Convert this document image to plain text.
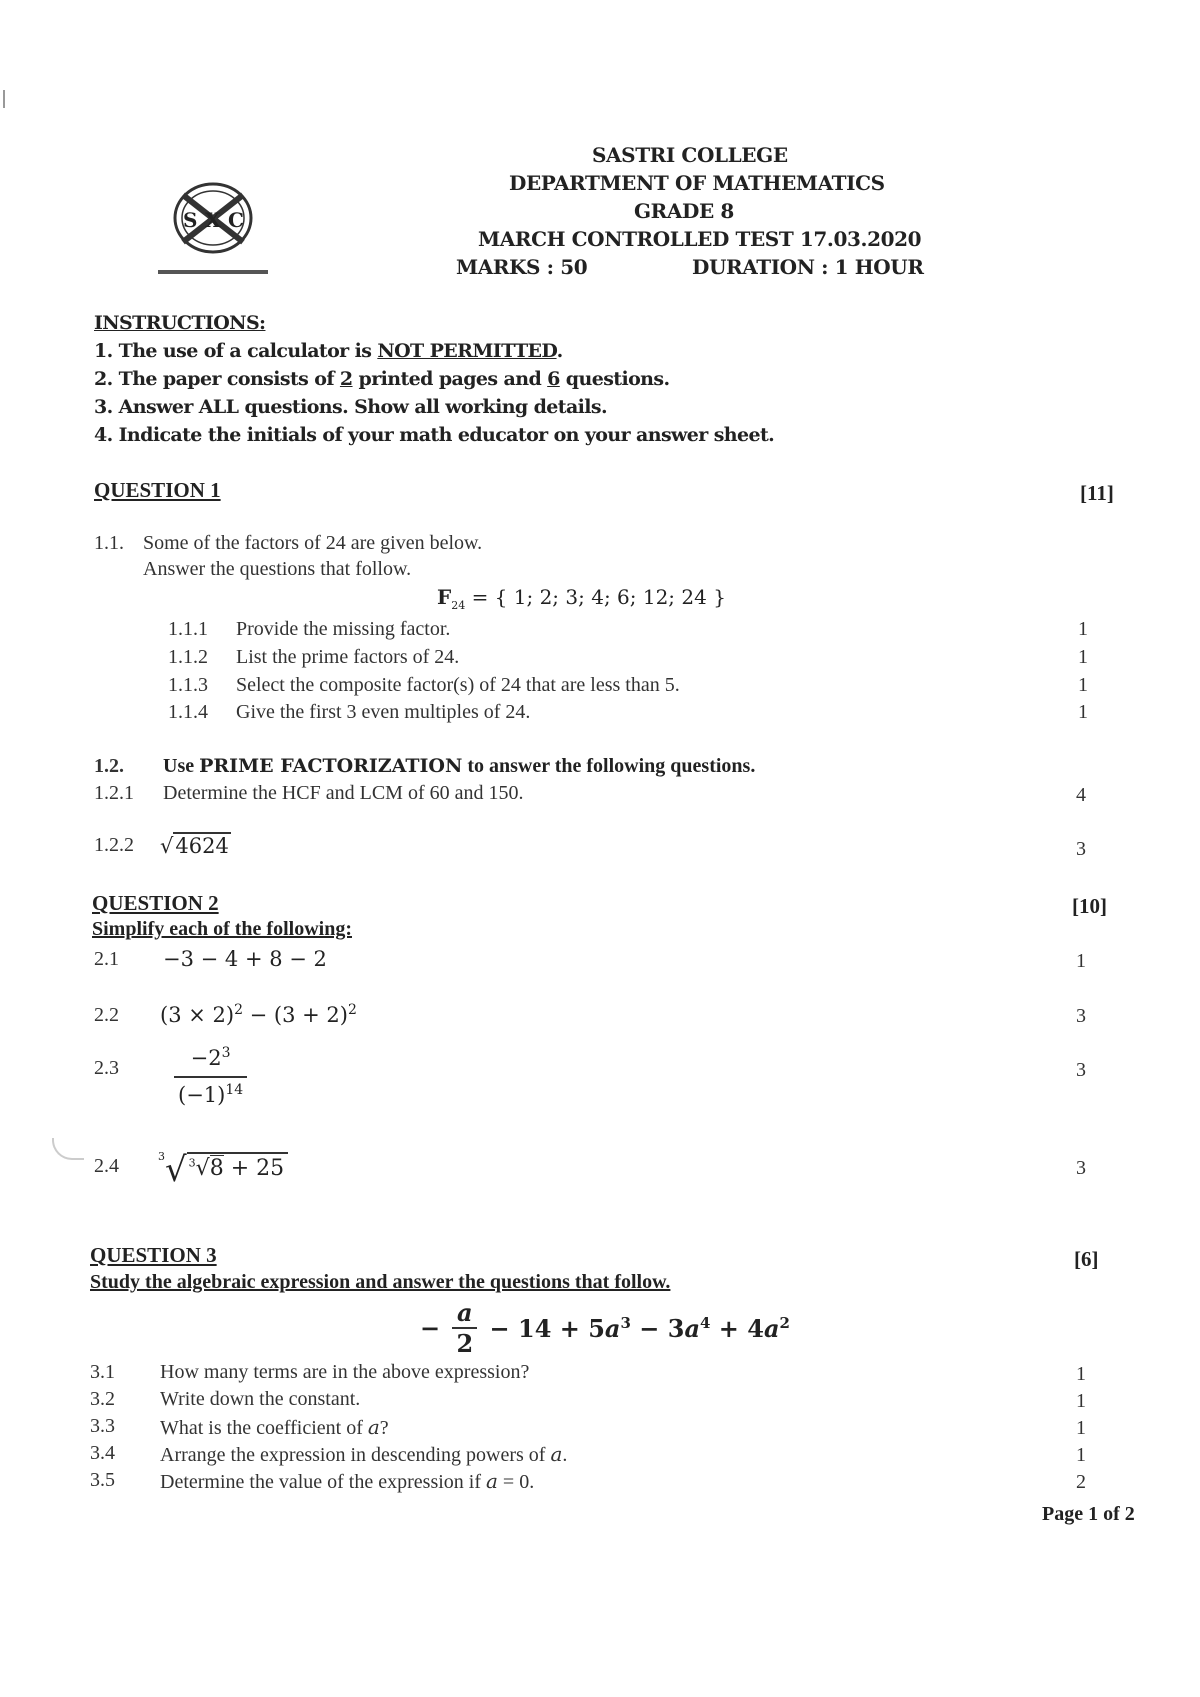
S X C
SASTRI COLLEGE
DEPARTMENT OF MATHEMATICS
GRADE 8
MARCH CONTROLLED TEST 17.03.2020
MARKS : 50	DURATION : 1 HOUR
INSTRUCTIONS:
1. The use of a calculator is NOT PERMITTED.
2. The paper consists of 2 printed pages and 6 questions.
3. Answer ALL questions. Show all working details.
4. Indicate the initials of your math educator on your answer sheet.
QUESTION 1	[11]
1.1. Some of the factors of 24 are given below.
Answer the questions that follow.
$F_{24}$ = { 1; 2; 3; 4; 6; 12; 24 }
1.1.1 Provide the missing factor.	1
1.1.2 List the prime factors of 24.	1
1.1.3 Select the composite factor(s) of 24 that are less than 5.	1
1.1.4 Give the first 3 even multiples of 24.	1
1.2. Use PRIME FACTORIZATION to answer the following questions.
1.2.1 Determine the HCF and LCM of 60 and 150.	4
1.2.2 √4624	3
QUESTION 2	[10]
Simplify each of the following:
2.1 −3 − 4 + 8 − 2	1
2.2 $(3 \times 2)^2 - (3 + 2)^2$	3
2.3	$\frac{-2^3}{(-1)^{14}}$	3
2.4	$^3$√ $^3$√8 + 25	3
QUESTION 3	[6]
Study the algebraic expression and answer the questions that follow.
− $\frac{a}{2} - 14 + 5a^3 - 3a^4 + 4a^2$
3.1 How many terms are in the above expression?	1
3.2 Write down the constant.	1
3.3 What is the coefficient of 𝑎?	1
3.4 Arrange the expression in descending powers of 𝑎.	1
3.5 Determine the value of the expression if 𝑎 = 0.	2
Page 1 of 2
